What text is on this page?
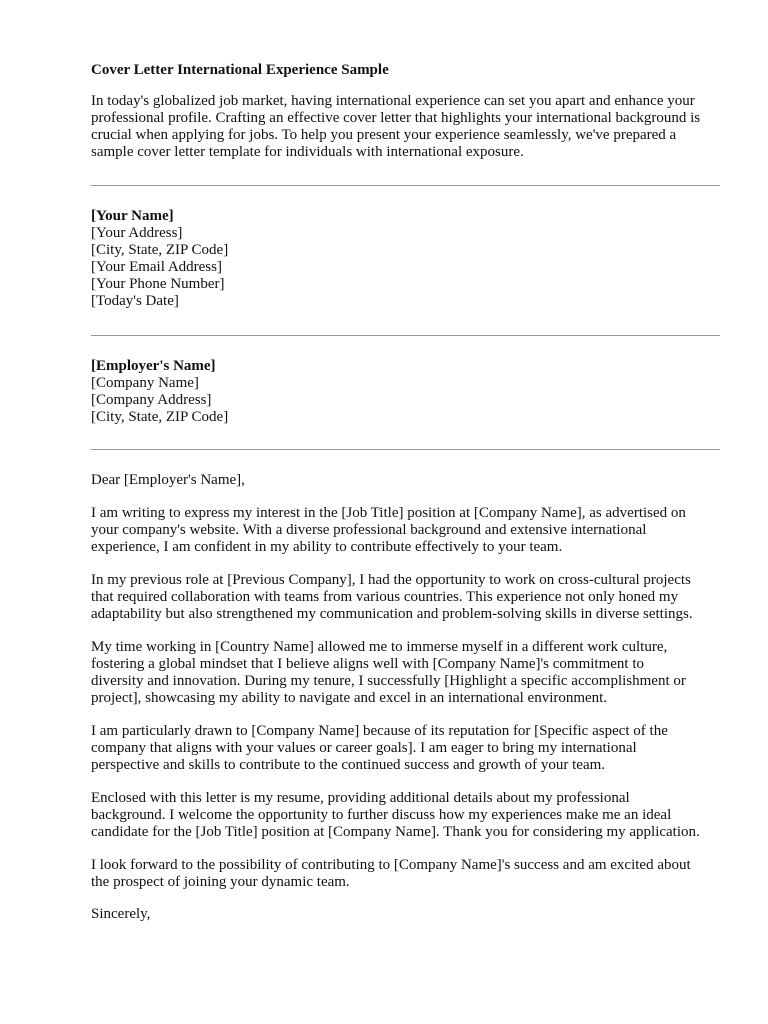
Cover Letter International Experience Sample
In today's globalized job market, having international experience can set you apart and enhance your
professional profile. Crafting an effective cover letter that highlights your international background is
crucial when applying for jobs. To help you present your experience seamlessly, we've prepared a
sample cover letter template for individuals with international exposure.
[Your Name]
[Your Address]
[City, State, ZIP Code]
[Your Email Address]
[Your Phone Number]
[Today's Date]
[Employer's Name]
[Company Name]
[Company Address]
[City, State, ZIP Code]

Dear [Employer's Name],

I am writing to express my interest in the [Job Title] position at [Company Name], as advertised on
your company's website. With a diverse professional background and extensive international
experience, I am confident in my ability to contribute effectively to your team.

In my previous role at [Previous Company], I had the opportunity to work on cross-cultural projects
that required collaboration with teams from various countries. This experience not only honed my
adaptability but also strengthened my communication and problem-solving skills in diverse settings.

My time working in [Country Name] allowed me to immerse myself in a different work culture,
fostering a global mindset that I believe aligns well with [Company Name]'s commitment to
diversity and innovation. During my tenure, I successfully [Highlight a specific accomplishment or
project], showcasing my ability to navigate and excel in an international environment.

I am particularly drawn to [Company Name] because of its reputation for [Specific aspect of the
company that aligns with your values or career goals]. I am eager to bring my international
perspective and skills to contribute to the continued success and growth of your team.

Enclosed with this letter is my resume, providing additional details about my professional
background. I welcome the opportunity to further discuss how my experiences make me an ideal
candidate for the [Job Title] position at [Company Name]. Thank you for considering my application.

I look forward to the possibility of contributing to [Company Name]'s success and am excited about
the prospect of joining your dynamic team.

Sincerely,
